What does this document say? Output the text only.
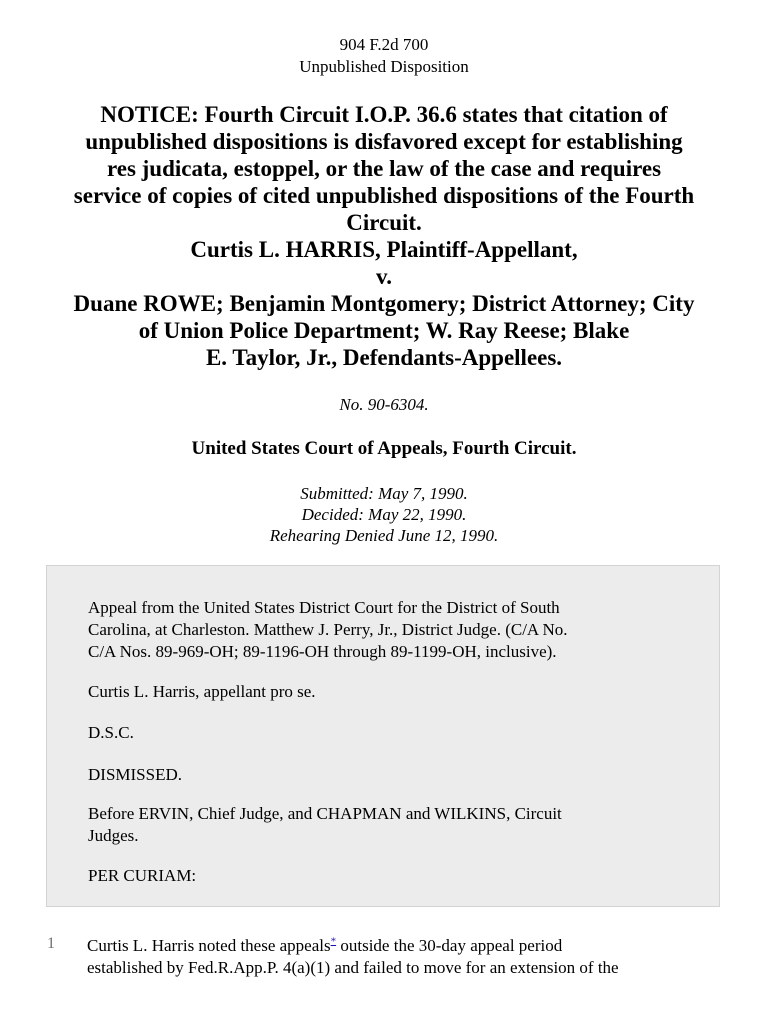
904 F.2d 700
Unpublished Disposition
NOTICE: Fourth Circuit I.O.P. 36.6 states that citation of
unpublished dispositions is disfavored except for establishing
res judicata, estoppel, or the law of the case and requires
service of copies of cited unpublished dispositions of the Fourth
Circuit.
Curtis L. HARRIS, Plaintiff-Appellant,
v.
Duane ROWE; Benjamin Montgomery; District Attorney; City
of Union Police Department; W. Ray Reese; Blake
E. Taylor, Jr., Defendants-Appellees.
No. 90-6304.
United States Court of Appeals, Fourth Circuit.
Submitted: May 7, 1990.
Decided: May 22, 1990.
Rehearing Denied June 12, 1990.
Appeal from the United States District Court for the District of South
Carolina, at Charleston. Matthew J. Perry, Jr., District Judge. (C/A No.
C/A Nos. 89-969-OH; 89-1196-OH through 89-1199-OH, inclusive).
Curtis L. Harris, appellant pro se.
D.S.C.
DISMISSED.
Before ERVIN, Chief Judge, and CHAPMAN and WILKINS, Circuit
Judges.
PER CURIAM:
1 Curtis L. Harris noted these appeals* outside the 30-day appeal period
established by Fed.R.App.P. 4(a)(1) and failed to move for an extension of the
